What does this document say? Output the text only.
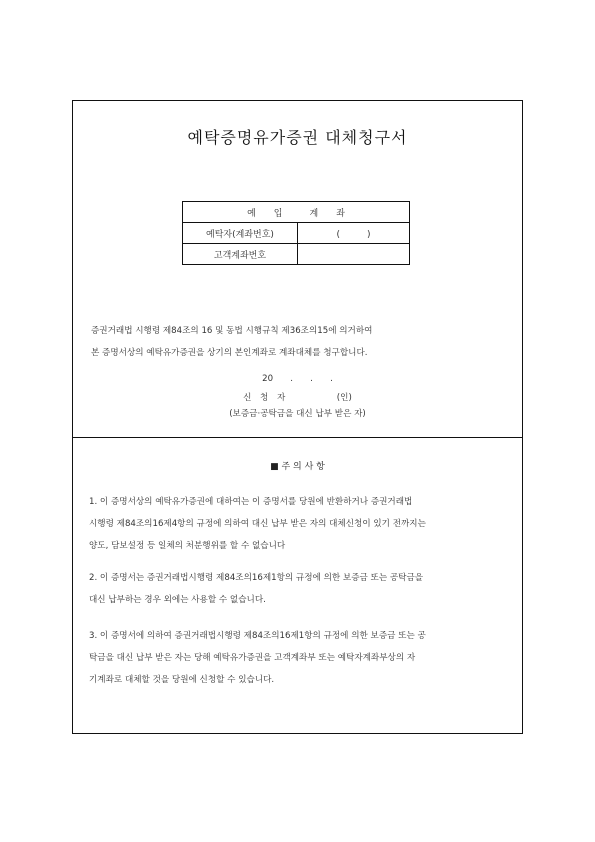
예탁증명유가증권 대체청구서
예　　입　　　계　　좌	
예탁자(계좌번호)	(　　　)
고객계좌번호	
증권거래법 시행령 제84조의 16 및 동법 시행규칙 제36조의15에 의거하여
본 증명서상의 예탁유가증권을 상기의 본인계좌로 계좌대체를 청구합니다.
20　　.　　.　　.
신　청　자　　　　　　(인)
(보증금·공탁금을 대신 납부 받은 자)
■ 주 의 사 항
1. 이 증명서상의 예탁유가증권에 대하여는 이 증명서를 당원에 반환하거나 증권거래법
시행령 제84조의16제4항의 규정에 의하여 대신 납부 받은 자의 대체신청이 있기 전까지는
양도, 담보설정 등 일체의 처분행위를 할 수 없습니다
2. 이 증명서는 증권거래법시행령 제84조의16제1항의 규정에 의한 보증금 또는 공탁금을
대신 납부하는 경우 외에는 사용할 수 없습니다.
3. 이 증명서에 의하여 증권거래법시행령 제84조의16제1항의 규정에 의한 보증금 또는 공
탁금을 대신 납부 받은 자는 당해 예탁유가증권을 고객계좌부 또는 예탁자계좌부상의 자
기계좌로 대체할 것을 당원에 신청할 수 있습니다.
